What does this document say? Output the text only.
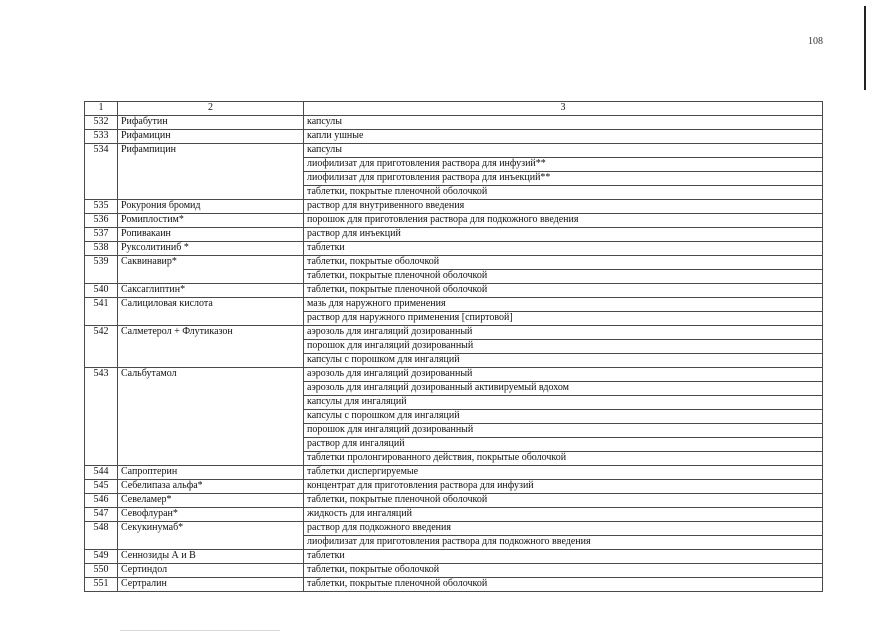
108
1	2	3
532	Рифабутин	капсулы
533	Рифамицин	капли ушные
534	Рифампицин	капсулы
		лиофилизат для приготовления раствора для инфузий**
		лиофилизат для приготовления раствора для инъекций**
		таблетки, покрытые пленочной оболочкой
535	Рокурония бромид	раствор для внутривенного введения
536	Ромиплостим*	порошок для приготовления раствора для подкожного введения
537	Ропивакаин	раствор для инъекций
538	Руксолитиниб *	таблетки
539	Саквинавир*	таблетки, покрытые оболочкой
		таблетки, покрытые пленочной оболочкой
540	Саксаглиптин*	таблетки, покрытые пленочной оболочкой
541	Салициловая кислота	мазь для наружного применения
		раствор для наружного применения [спиртовой]
542	Салметерол + Флутиказон	аэрозоль для ингаляций дозированный
		порошок для ингаляций дозированный
		капсулы с порошком для ингаляций
543	Сальбутамол	аэрозоль для ингаляций дозированный
		аэрозоль для ингаляций дозированный активируемый вдохом
		капсулы для ингаляций
		капсулы с порошком для ингаляций
		порошок для ингаляций дозированный
		раствор для ингаляций
		таблетки пролонгированного действия, покрытые оболочкой
544	Сапроптерин	таблетки диспергируемые
545	Себелипаза альфа*	концентрат для приготовления раствора для инфузий
546	Севеламер*	таблетки, покрытые пленочной оболочкой
547	Севофлуран*	жидкость для ингаляций
548	Секукинумаб*	раствор для подкожного введения
		лиофилизат для приготовления раствора для подкожного введения
549	Сеннозиды А и В	таблетки
550	Сертиндол	таблетки, покрытые оболочкой
551	Сертралин	таблетки, покрытые пленочной оболочкой
